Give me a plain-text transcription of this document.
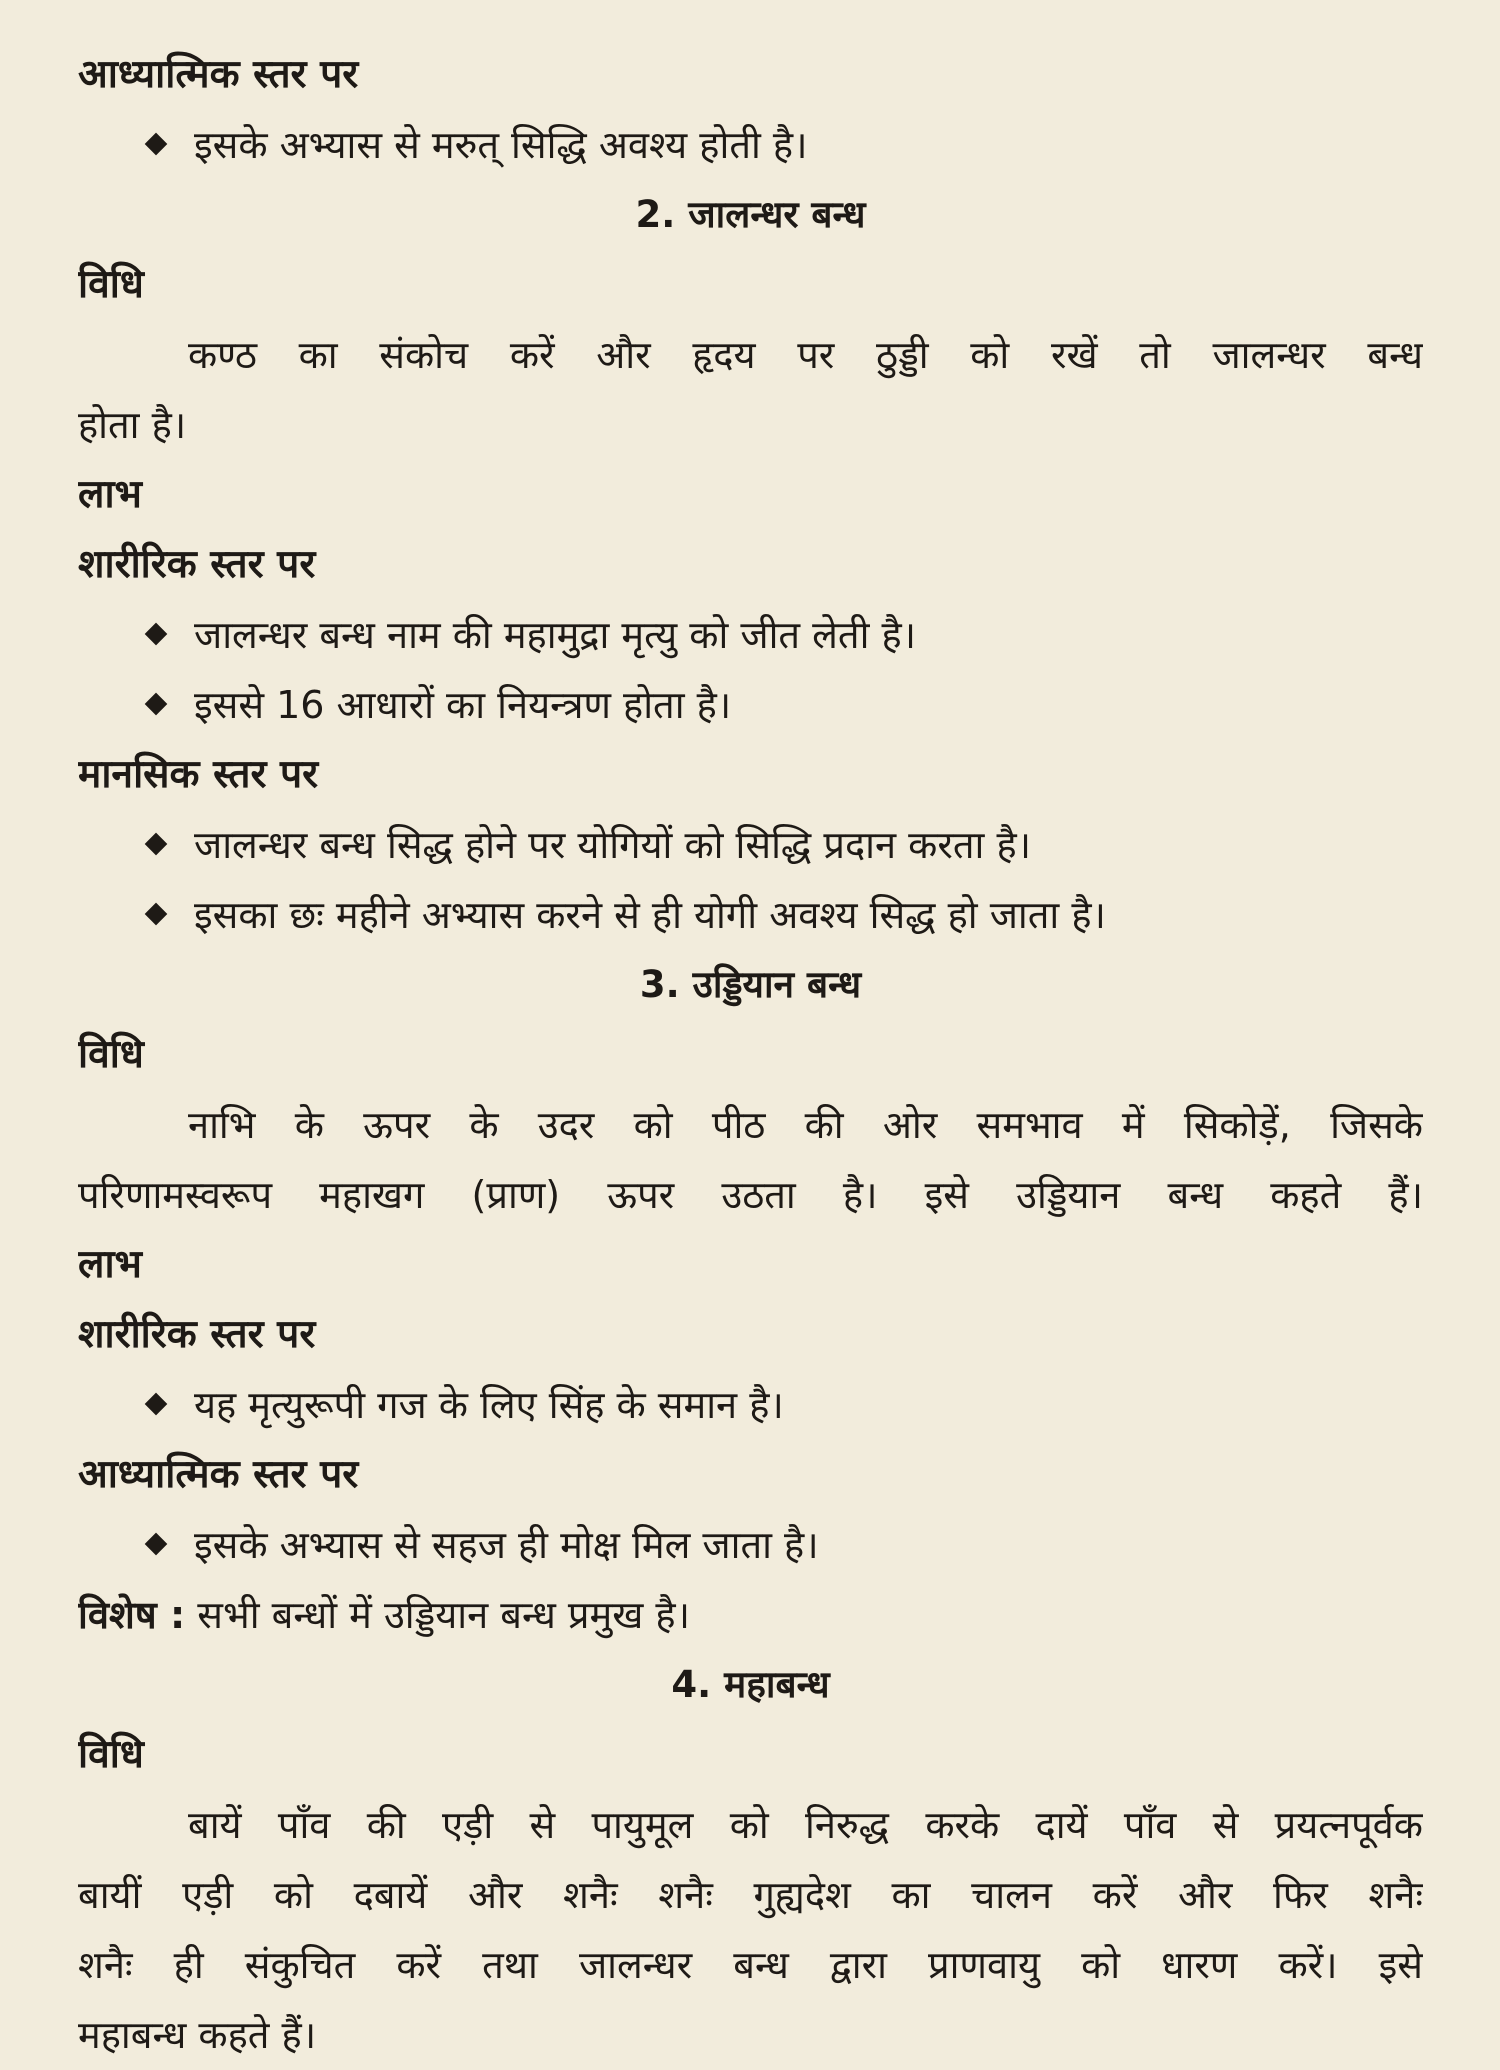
आध्यात्मिक स्तर पर
इसके अभ्यास से मरुत् सिद्धि अवश्य होती है।
2. जालन्धर बन्ध
विधि
कण्ठ का संकोच करें और हृदय पर ठुड्डी को रखें तो जालन्धर बन्ध
होता है।
लाभ
शारीरिक स्तर पर
जालन्धर बन्ध नाम की महामुद्रा मृत्यु को जीत लेती है।
इससे 16 आधारों का नियन्त्रण होता है।
मानसिक स्तर पर
जालन्धर बन्ध सिद्ध होने पर योगियों को सिद्धि प्रदान करता है।
इसका छः महीने अभ्यास करने से ही योगी अवश्य सिद्ध हो जाता है।
3. उड्डियान बन्ध
विधि
नाभि के ऊपर के उदर को पीठ की ओर समभाव में सिकोड़ें, जिसके
परिणामस्वरूप महाखग (प्राण) ऊपर उठता है। इसे उड्डियान बन्ध कहते हैं।
लाभ
शारीरिक स्तर पर
यह मृत्युरूपी गज के लिए सिंह के समान है।
आध्यात्मिक स्तर पर
इसके अभ्यास से सहज ही मोक्ष मिल जाता है।
विशेष : सभी बन्धों में उड्डियान बन्ध प्रमुख है।
4. महाबन्ध
विधि
बायें पाँव की एड़ी से पायुमूल को निरुद्ध करके दायें पाँव से प्रयत्नपूर्वक
बायीं एड़ी को दबायें और शनैः शनैः गुह्यदेश का चालन करें और फिर शनैः
शनैः ही संकुचित करें तथा जालन्धर बन्ध द्वारा प्राणवायु को धारण करें। इसे
महाबन्ध कहते हैं।
